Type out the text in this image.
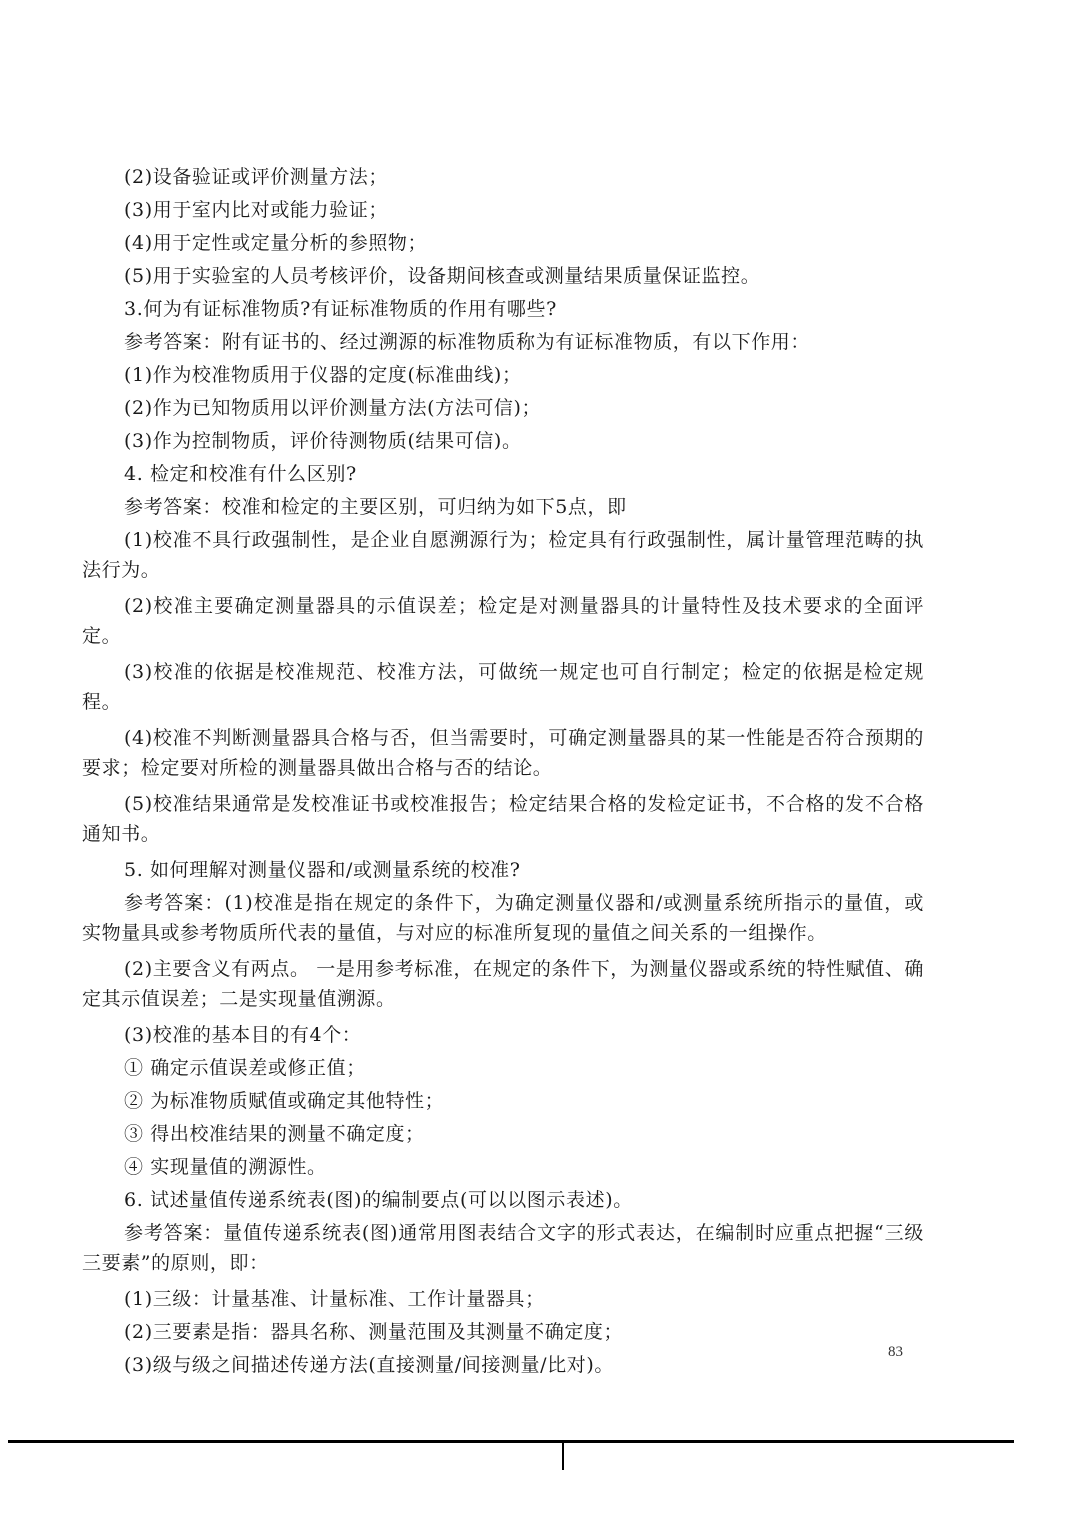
(2)设备验证或评价测量方法；

(3)用于室内比对或能力验证；

(4)用于定性或定量分析的参照物；

(5)用于实验室的人员考核评价，设备期间核查或测量结果质量保证监控。

3.何为有证标准物质?有证标准物质的作用有哪些?

参考答案：附有证书的、经过溯源的标准物质称为有证标准物质，有以下作用：

(1)作为校准物质用于仪器的定度(标准曲线)；

(2)作为已知物质用以评价测量方法(方法可信)；

(3)作为控制物质，评价待测物质(结果可信)。

4. 检定和校准有什么区别?

参考答案：校准和检定的主要区别，可归纳为如下5点，即

(1)校准不具行政强制性，是企业自愿溯源行为；检定具有行政强制性，属计量管理范畴的执法行为。

(2)校准主要确定测量器具的示值误差；检定是对测量器具的计量特性及技术要求的全面评定。

(3)校准的依据是校准规范、校准方法，可做统一规定也可自行制定；检定的依据是检定规程。

(4)校准不判断测量器具合格与否，但当需要时，可确定测量器具的某一性能是否符合预期的要求；检定要对所检的测量器具做出合格与否的结论。

(5)校准结果通常是发校准证书或校准报告；检定结果合格的发检定证书，不合格的发不合格通知书。

5. 如何理解对测量仪器和/或测量系统的校准?

参考答案：(1)校准是指在规定的条件下，为确定测量仪器和/或测量系统所指示的量值，或实物量具或参考物质所代表的量值，与对应的标准所复现的量值之间关系的一组操作。

(2)主要含义有两点。 一是用参考标准，在规定的条件下，为测量仪器或系统的特性赋值、确定其示值误差；二是实现量值溯源。

(3)校准的基本目的有4个：

① 确定示值误差或修正值；

② 为标准物质赋值或确定其他特性；

③ 得出校准结果的测量不确定度；

④ 实现量值的溯源性。

6. 试述量值传递系统表(图)的编制要点(可以以图示表述)。

参考答案：量值传递系统表(图)通常用图表结合文字的形式表达，在编制时应重点把握“三级三要素”的原则，即：

(1)三级：计量基准、计量标准、工作计量器具；

(2)三要素是指：器具名称、测量范围及其测量不确定度；

(3)级与级之间描述传递方法(直接测量/间接测量/比对)。

83
